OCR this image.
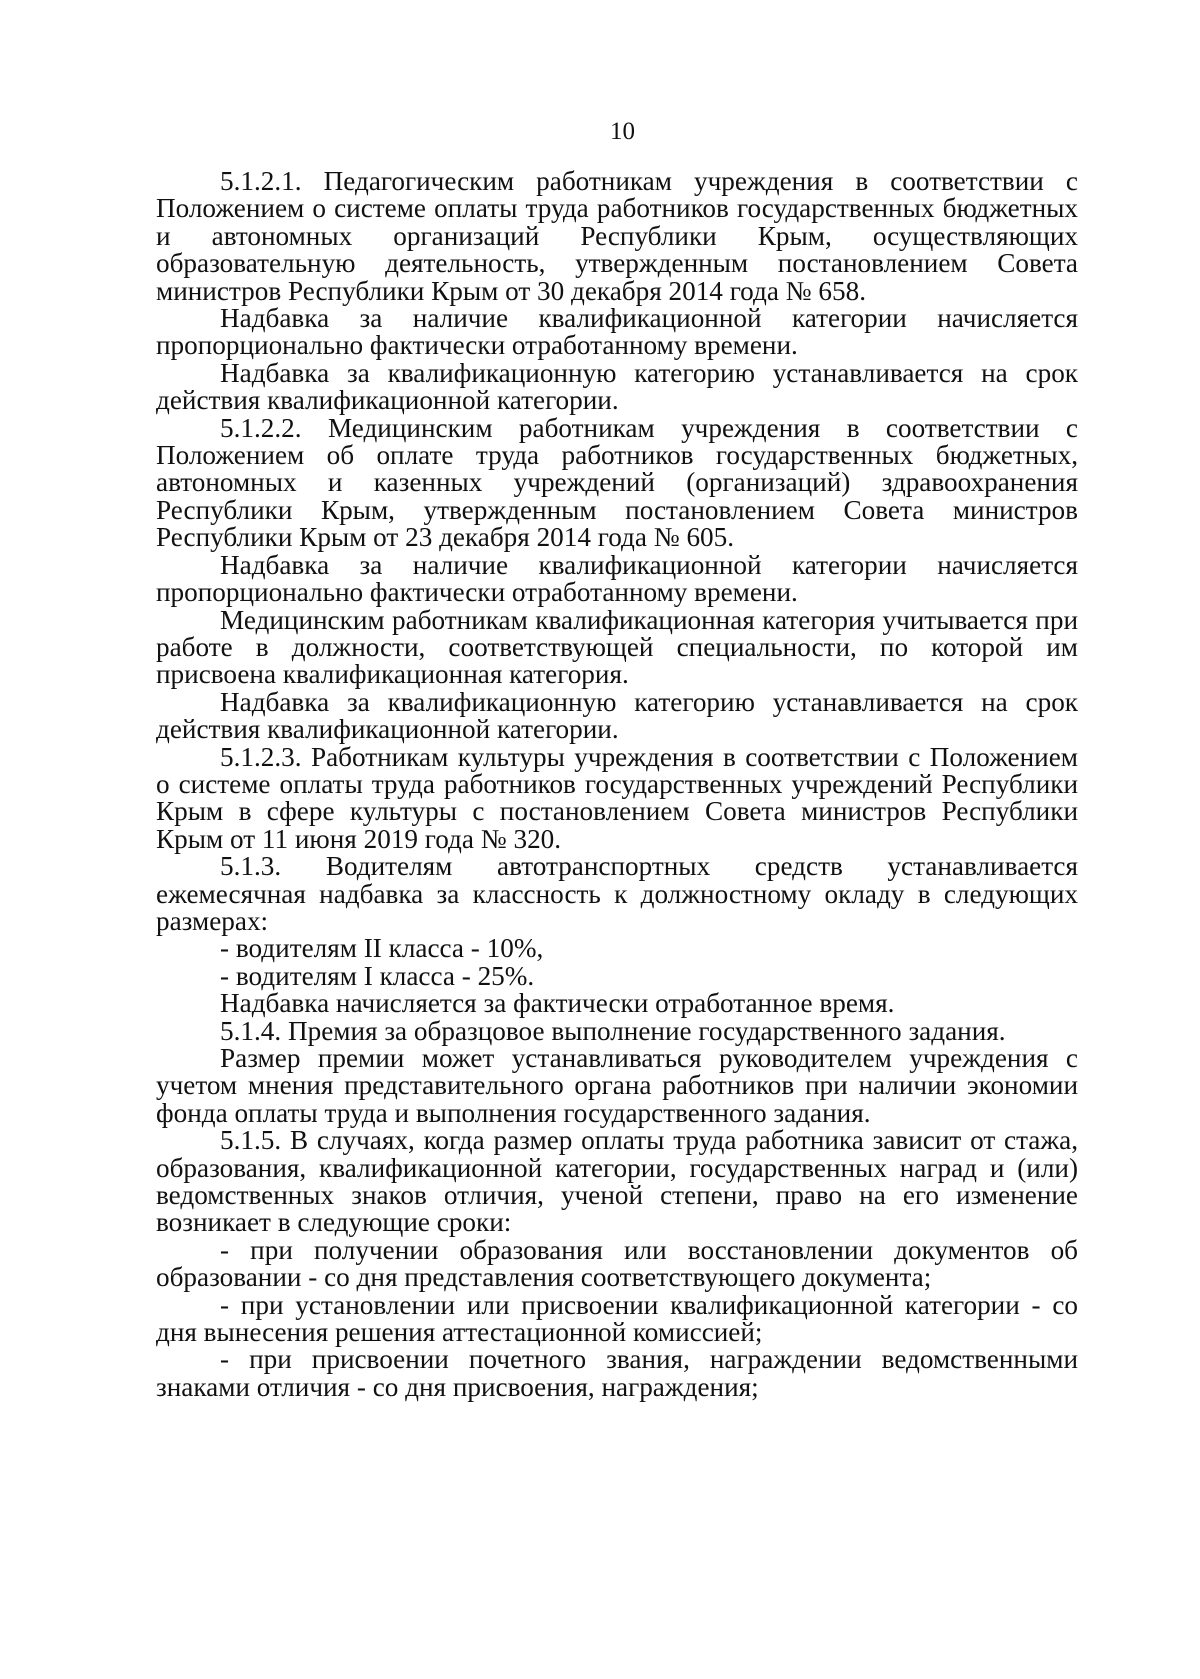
10

5.1.2.1. Педагогическим работникам учреждения в соответствии с Положением о системе оплаты труда работников государственных бюджетных и автономных организаций Республики Крым, осуществляющих образовательную деятельность, утвержденным постановлением Совета министров Республики Крым от 30 декабря 2014 года № 658.

Надбавка за наличие квалификационной категории начисляется пропорционально фактически отработанному времени.

Надбавка за квалификационную категорию устанавливается на срок действия квалификационной категории.

5.1.2.2. Медицинским работникам учреждения в соответствии с Положением об оплате труда работников государственных бюджетных, автономных и казенных учреждений (организаций) здравоохранения Республики Крым, утвержденным постановлением Совета министров Республики Крым от 23 декабря 2014 года № 605.

Надбавка за наличие квалификационной категории начисляется пропорционально фактически отработанному времени.

Медицинским работникам квалификационная категория учитывается при работе в должности, соответствующей специальности, по которой им присвоена квалификационная категория.

Надбавка за квалификационную категорию устанавливается на срок действия квалификационной категории.

5.1.2.3. Работникам культуры учреждения в соответствии с Положением о системе оплаты труда работников государственных учреждений Республики Крым в сфере культуры с постановлением Совета министров Республики Крым от 11 июня 2019 года № 320.

5.1.3. Водителям автотранспортных средств устанавливается ежемесячная надбавка за классность к должностному окладу в следующих размерах:

- водителям II класса - 10%,

- водителям I класса - 25%.

Надбавка начисляется за фактически отработанное время.

5.1.4. Премия за образцовое выполнение государственного задания.

Размер премии может устанавливаться руководителем учреждения с учетом мнения представительного органа работников при наличии экономии фонда оплаты труда и выполнения государственного задания.

5.1.5. В случаях, когда размер оплаты труда работника зависит от стажа, образования, квалификационной категории, государственных наград и (или) ведомственных знаков отличия, ученой степени, право на его изменение возникает в следующие сроки:

- при получении образования или восстановлении документов об образовании - со дня представления соответствующего документа;

- при установлении или присвоении квалификационной категории - со дня вынесения решения аттестационной комиссией;

- при присвоении почетного звания, награждении ведомственными знаками отличия - со дня присвоения, награждения;
